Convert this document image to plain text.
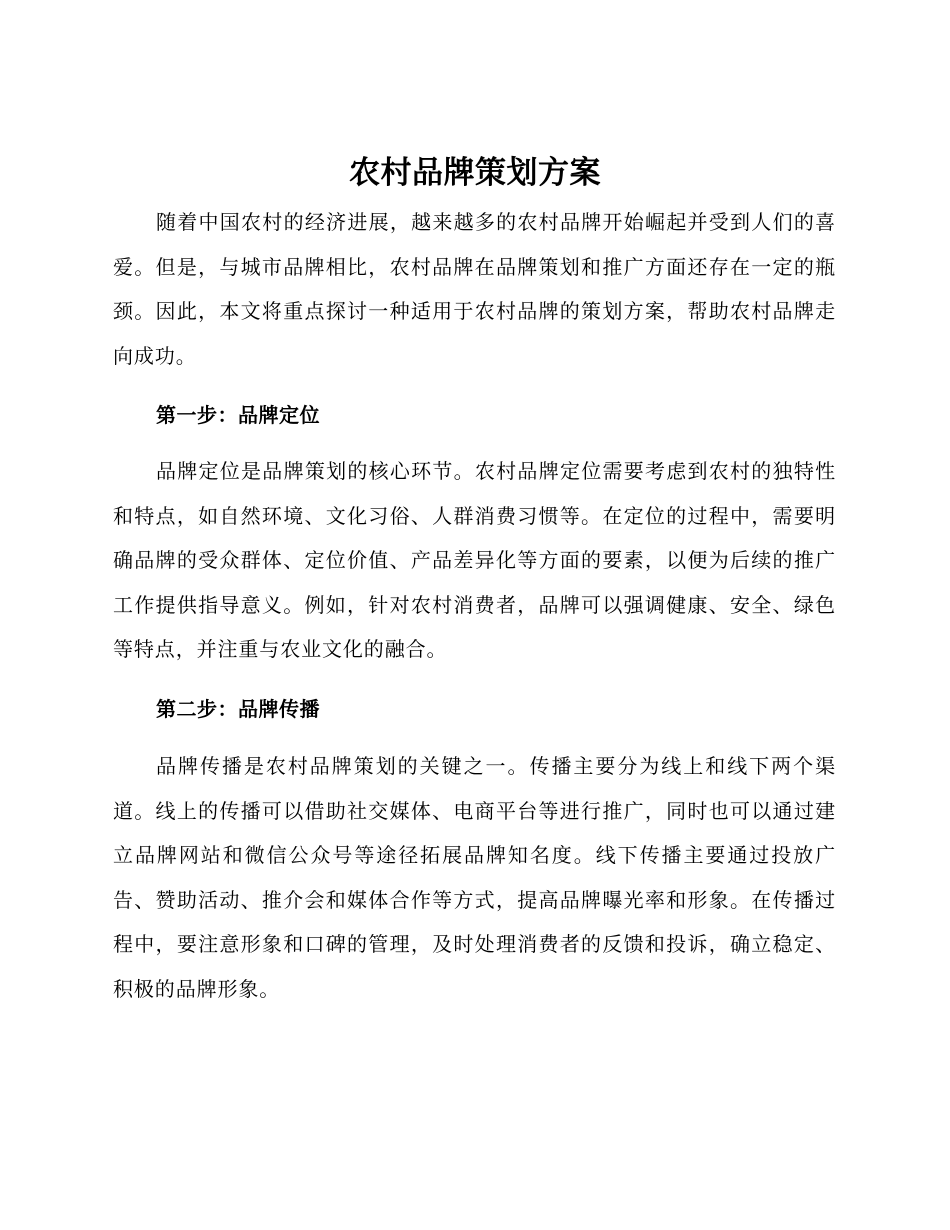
农村品牌策划方案

随着中国农村的经济进展，越来越多的农村品牌开始崛起并受到人们的喜爱。但是，与城市品牌相比，农村品牌在品牌策划和推广方面还存在一定的瓶颈。因此，本文将重点探讨一种适用于农村品牌的策划方案，帮助农村品牌走向成功。

第一步：品牌定位

品牌定位是品牌策划的核心环节。农村品牌定位需要考虑到农村的独特性和特点，如自然环境、文化习俗、人群消费习惯等。在定位的过程中，需要明确品牌的受众群体、定位价值、产品差异化等方面的要素，以便为后续的推广工作提供指导意义。例如，针对农村消费者，品牌可以强调健康、安全、绿色等特点，并注重与农业文化的融合。

第二步：品牌传播

品牌传播是农村品牌策划的关键之一。传播主要分为线上和线下两个渠道。线上的传播可以借助社交媒体、电商平台等进行推广，同时也可以通过建立品牌网站和微信公众号等途径拓展品牌知名度。线下传播主要通过投放广告、赞助活动、推介会和媒体合作等方式，提高品牌曝光率和形象。在传播过程中，要注意形象和口碑的管理，及时处理消费者的反馈和投诉，确立稳定、积极的品牌形象。
